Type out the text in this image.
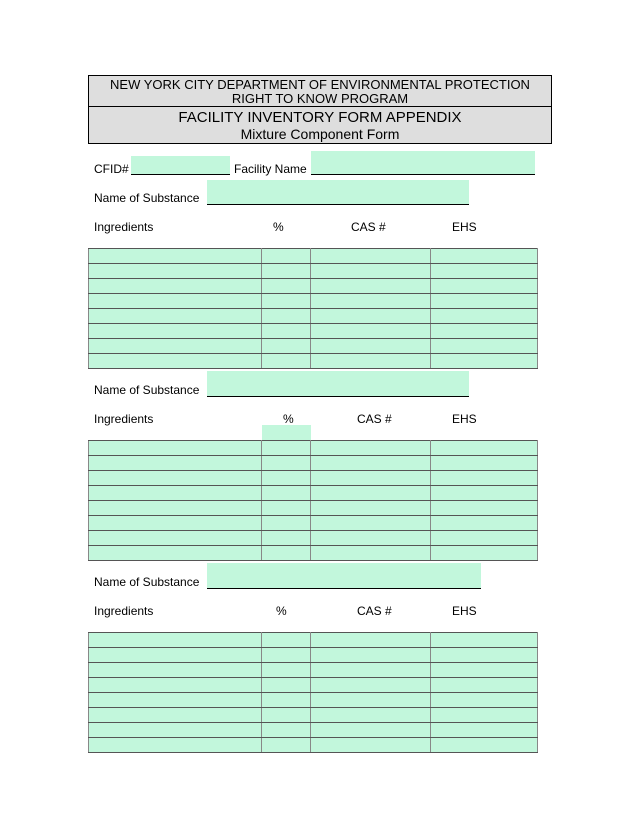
NEW YORK CITY DEPARTMENT OF ENVIRONMENTAL PROTECTION
RIGHT TO KNOW PROGRAM
FACILITY INVENTORY FORM APPENDIX
Mixture Component Form
CFID#	Facility Name
Name of Substance
Ingredients	%	CAS #	EHS

Name of Substance
Ingredients	%	CAS #	EHS

Name of Substance
Ingredients	%	CAS #	EHS
